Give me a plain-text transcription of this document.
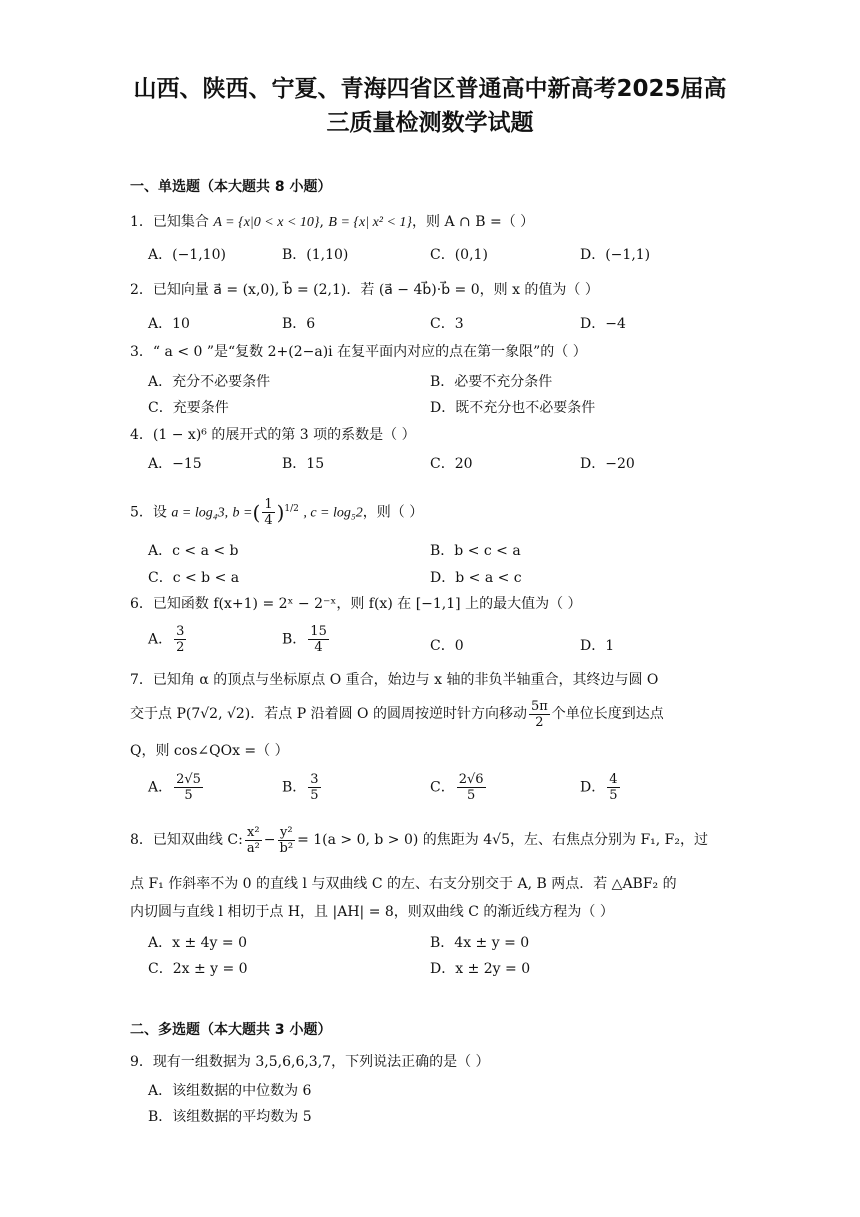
山西、陕西、宁夏、青海四省区普通高中新高考2025届高
三质量检测数学试题
一、单选题（本大题共 8 小题）
1．已知集合 A = {x|0 < x < 10}, B = {x| x² < 1}，则 A ∩ B =（ ）
A．(−1,10)	B．(1,10)	C．(0,1)	D．(−1,1)
2．已知向量 a⃗ = (x,0), b⃗ = (2,1)．若 (a⃗ − 4b⃗)·b⃗ = 0，则 x 的值为（ ）
A．10	B．6	C．3	D．−4
3．“ a < 0 ”是“复数 2+(2−a)i 在复平面内对应的点在第一象限”的（ ）
A．充分不必要条件	B．必要不充分条件
C．充要条件	D．既不充分也不必要条件
4．(1 − x)⁶ 的展开式的第 3 项的系数是（ ）
A．−15	B．15	C．20	D．−20
5．设 a = log₄3, b =( $\frac{1}{4} )^{1/2}$ , c = log₅2，则（ ）
A．c < a < b	B．b < c < a
C．c < b < a	D．b < a < c
6．已知函数 f(x+1) = 2ˣ − 2⁻ˣ，则 f(x) 在 [−1,1] 上的最大值为（ ）
A． $\frac{3}{2}$	B． $\frac{15}{4}$	C．0	D．1
7．已知角 α 的顶点与坐标原点 O 重合，始边与 x 轴的非负半轴重合，其终边与圆 O
交于点 P(7√2, √2)．若点 P 沿着圆 O 的圆周按逆时针方向移动 $\frac{5\pi}{2}$ 个单位长度到达点
Q，则 cos∠QOx =（ ）
A． $\frac{2√5}{5}$	B． $\frac{3}{5}$	C． $\frac{2√6}{5}$	D． $\frac{4}{5}$
8．已知双曲线 C: $\frac{\text{x²}}{\text{a²}} - \frac{\text{y²}}{\text{b²}} = 1(a > 0$, b > 0) 的焦距为 4√5，左、右焦点分别为 F₁, F₂，过
点 F₁ 作斜率不为 0 的直线 l 与双曲线 C 的左、右支分别交于 A, B 两点．若 △ABF₂ 的
内切圆与直线 l 相切于点 H，且 |AH| = 8，则双曲线 C 的渐近线方程为（ ）
A．x ± 4y = 0	B．4x ± y = 0
C．2x ± y = 0	D．x ± 2y = 0
二、多选题（本大题共 3 小题）
9．现有一组数据为 3,5,6,6,3,7，下列说法正确的是（ ）
A．该组数据的中位数为 6
B．该组数据的平均数为 5
